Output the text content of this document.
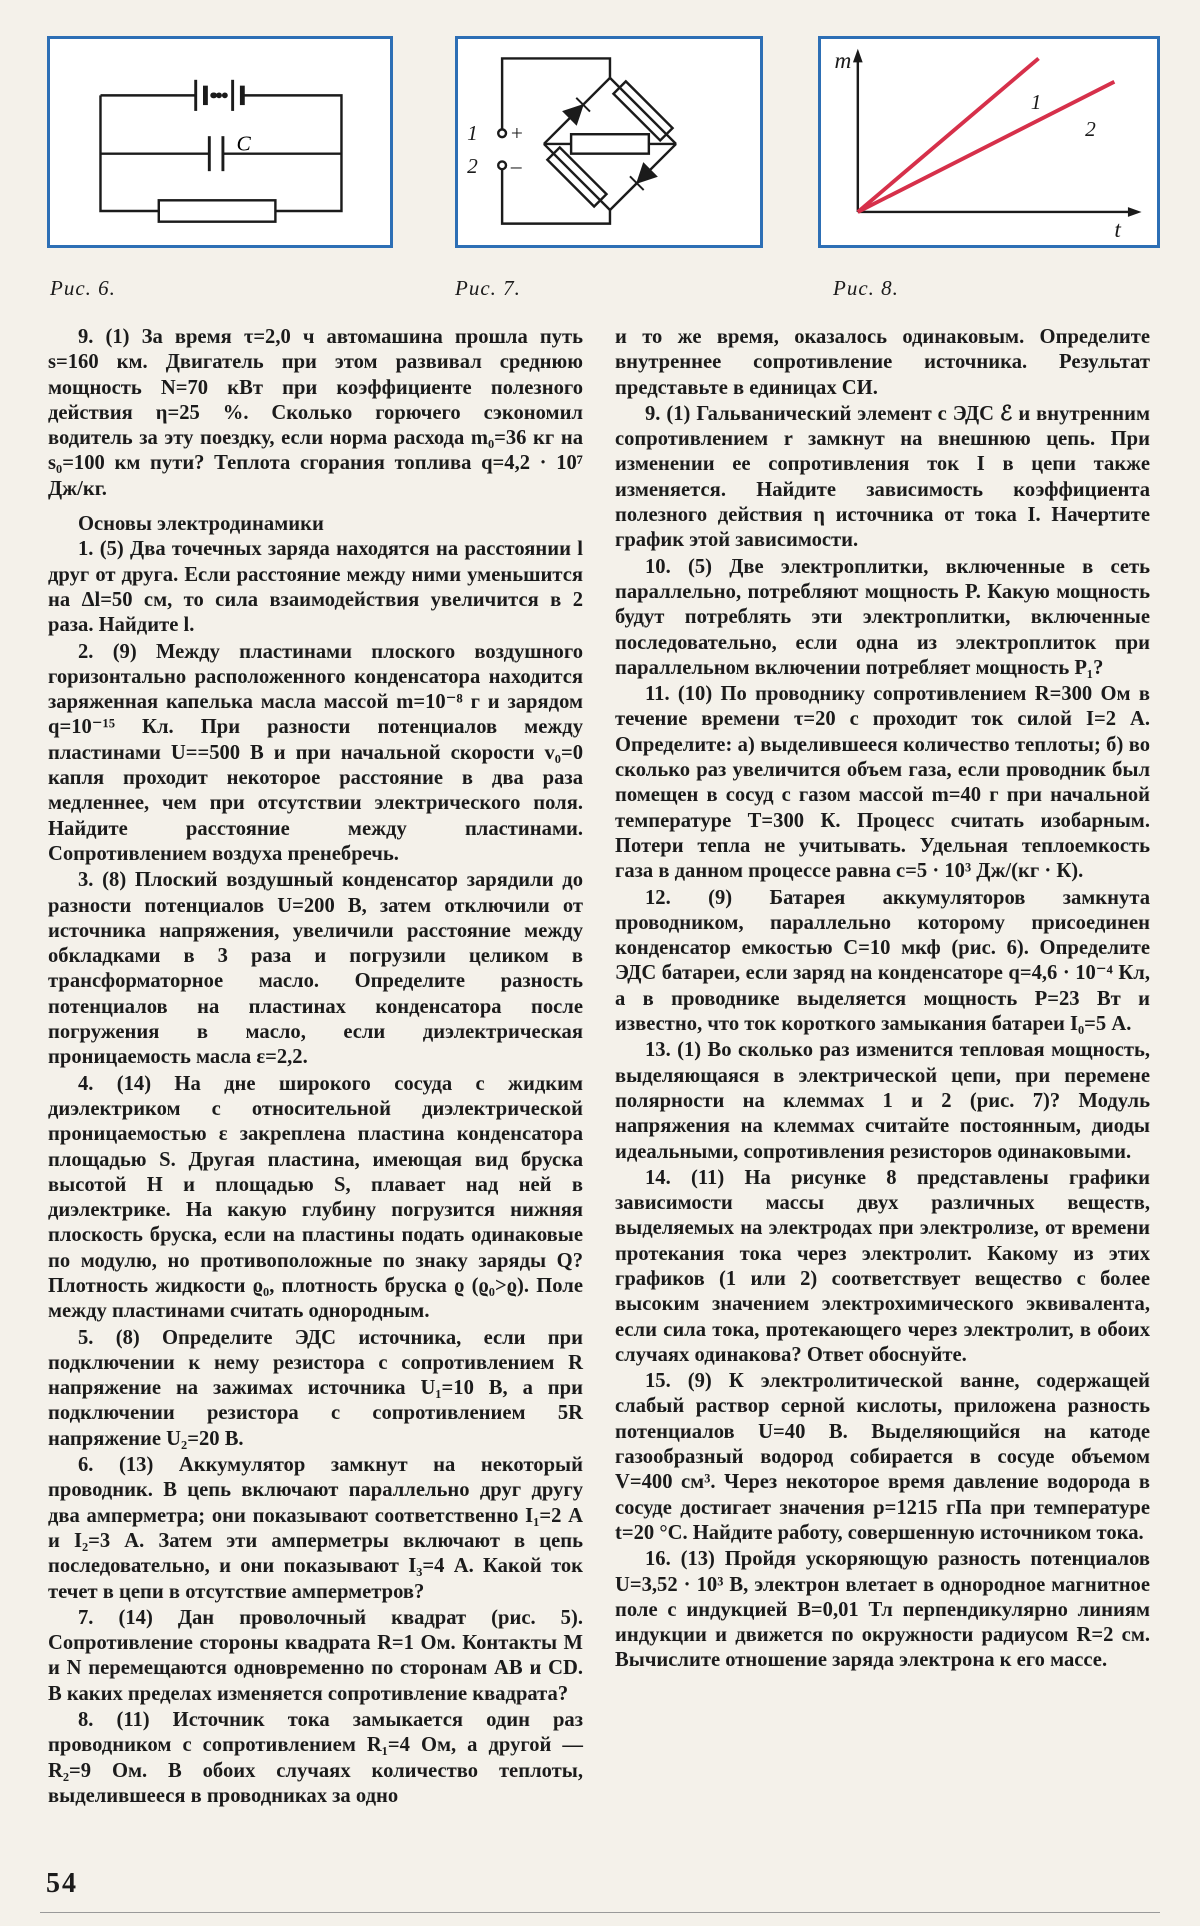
C	1 +
2 –
m
t
1
2
Рис. 6.	Рис. 7.	Рис. 8.

9. (1) За время τ=2,0 ч автомашина прошла путь s=160 км. Двигатель при этом развивал среднюю мощность N=70 кВт при коэффициенте полезного действия η=25 %. Сколько горючего сэкономил водитель за эту поездку, если норма расхода m₀=36 кг на s₀=100 км пути? Теплота сгорания топлива q=4,2 · 10⁷ Дж/кг.

Основы электродинамики

1. (5) Два точечных заряда находятся на расстоянии l друг от друга. Если расстояние между ними уменьшится на Δl=50 см, то сила взаимодействия увеличится в 2 раза. Найдите l.

2. (9) Между пластинами плоского воздушного горизонтально расположенного конденсатора находится заряженная капелька масла массой m=10⁻⁸ г и зарядом q=10⁻¹⁵ Кл. При разности потенциалов между пластинами U==500 В и при начальной скорости v₀=0 капля проходит некоторое расстояние в два раза медленнее, чем при отсутствии электрического поля. Найдите расстояние между пластинами. Сопротивлением воздуха пренебречь.

3. (8) Плоский воздушный конденсатор зарядили до разности потенциалов U=200 В, затем отключили от источника напряжения, увеличили расстояние между обкладками в 3 раза и погрузили целиком в трансформаторное масло. Определите разность потенциалов на пластинах конденсатора после погружения в масло, если диэлектрическая проницаемость масла ε=2,2.

4. (14) На дне широкого сосуда с жидким диэлектриком с относительной диэлектрической проницаемостью ε закреплена пластина конденсатора площадью S. Другая пластина, имеющая вид бруска высотой H и площадью S, плавает над ней в диэлектрике. На какую глубину погрузится нижняя плоскость бруска, если на пластины подать одинаковые по модулю, но противоположные по знаку заряды Q? Плотность жидкости ϱ₀, плотность бруска ϱ (ϱ₀>ϱ). Поле между пластинами считать однородным.

5. (8) Определите ЭДС источника, если при подключении к нему резистора с сопротивлением R напряжение на зажимах источника U₁=10 В, а при подключении резистора с сопротивлением 5R напряжение U₂=20 В.

6. (13) Аккумулятор замкнут на некоторый проводник. В цепь включают параллельно друг другу два амперметра; они показывают соответственно I₁=2 А и I₂=3 А. Затем эти амперметры включают в цепь последовательно, и они показывают I₃=4 А. Какой ток течет в цепи в отсутствие амперметров?

7. (14) Дан проволочный квадрат (рис. 5). Сопротивление стороны квадрата R=1 Ом. Контакты M и N перемещаются одновременно по сторонам AB и CD. В каких пределах изменяется сопротивление квадрата?

8. (11) Источник тока замыкается один раз проводником с сопротивлением R₁=4 Ом, а другой — R₂=9 Ом. В обоих случаях количество теплоты, выделившееся в проводниках за одно

и то же время, оказалось одинаковым. Определите внутреннее сопротивление источника. Результат представьте в единицах СИ.

9. (1) Гальванический элемент с ЭДС ℰ и внутренним сопротивлением r замкнут на внешнюю цепь. При изменении ее сопротивления ток I в цепи также изменяется. Найдите зависимость коэффициента полезного действия η источника от тока I. Начертите график этой зависимости.

10. (5) Две электроплитки, включенные в сеть параллельно, потребляют мощность P. Какую мощность будут потреблять эти электроплитки, включенные последовательно, если одна из электроплиток при параллельном включении потребляет мощность P₁?

11. (10) По проводнику сопротивлением R=300 Ом в течение времени τ=20 с проходит ток силой I=2 А. Определите: а) выделившееся количество теплоты; б) во сколько раз увеличится объем газа, если проводник был помещен в сосуд с газом массой m=40 г при начальной температуре T=300 К. Процесс считать изобарным. Потери тепла не учитывать. Удельная теплоемкость газа в данном процессе равна c=5 · 10³ Дж/(кг · К).

12. (9) Батарея аккумуляторов замкнута проводником, параллельно которому присоединен конденсатор емкостью C=10 мкф (рис. 6). Определите ЭДС батареи, если заряд на конденсаторе q=4,6 · 10⁻⁴ Кл, а в проводнике выделяется мощность P=23 Вт и известно, что ток короткого замыкания батареи I₀=5 А.

13. (1) Во сколько раз изменится тепловая мощность, выделяющаяся в электрической цепи, при перемене полярности на клеммах 1 и 2 (рис. 7)? Модуль напряжения на клеммах считайте постоянным, диоды идеальными, сопротивления резисторов одинаковыми.

14. (11) На рисунке 8 представлены графики зависимости массы двух различных веществ, выделяемых на электродах при электролизе, от времени протекания тока через электролит. Какому из этих графиков (1 или 2) соответствует вещество с более высоким значением электрохимического эквивалента, если сила тока, протекающего через электролит, в обоих случаях одинакова? Ответ обоснуйте.

15. (9) К электролитической ванне, содержащей слабый раствор серной кислоты, приложена разность потенциалов U=40 В. Выделяющийся на катоде газообразный водород собирается в сосуде объемом V=400 см³. Через некоторое время давление водорода в сосуде достигает значения p=1215 гПа при температуре t=20 °С. Найдите работу, совершенную источником тока.

16. (13) Пройдя ускоряющую разность потенциалов U=3,52 · 10³ В, электрон влетает в однородное магнитное поле с индукцией B=0,01 Тл перпендикулярно линиям индукции и движется по окружности радиусом R=2 см. Вычислите отношение заряда электрона к его массе.

54
